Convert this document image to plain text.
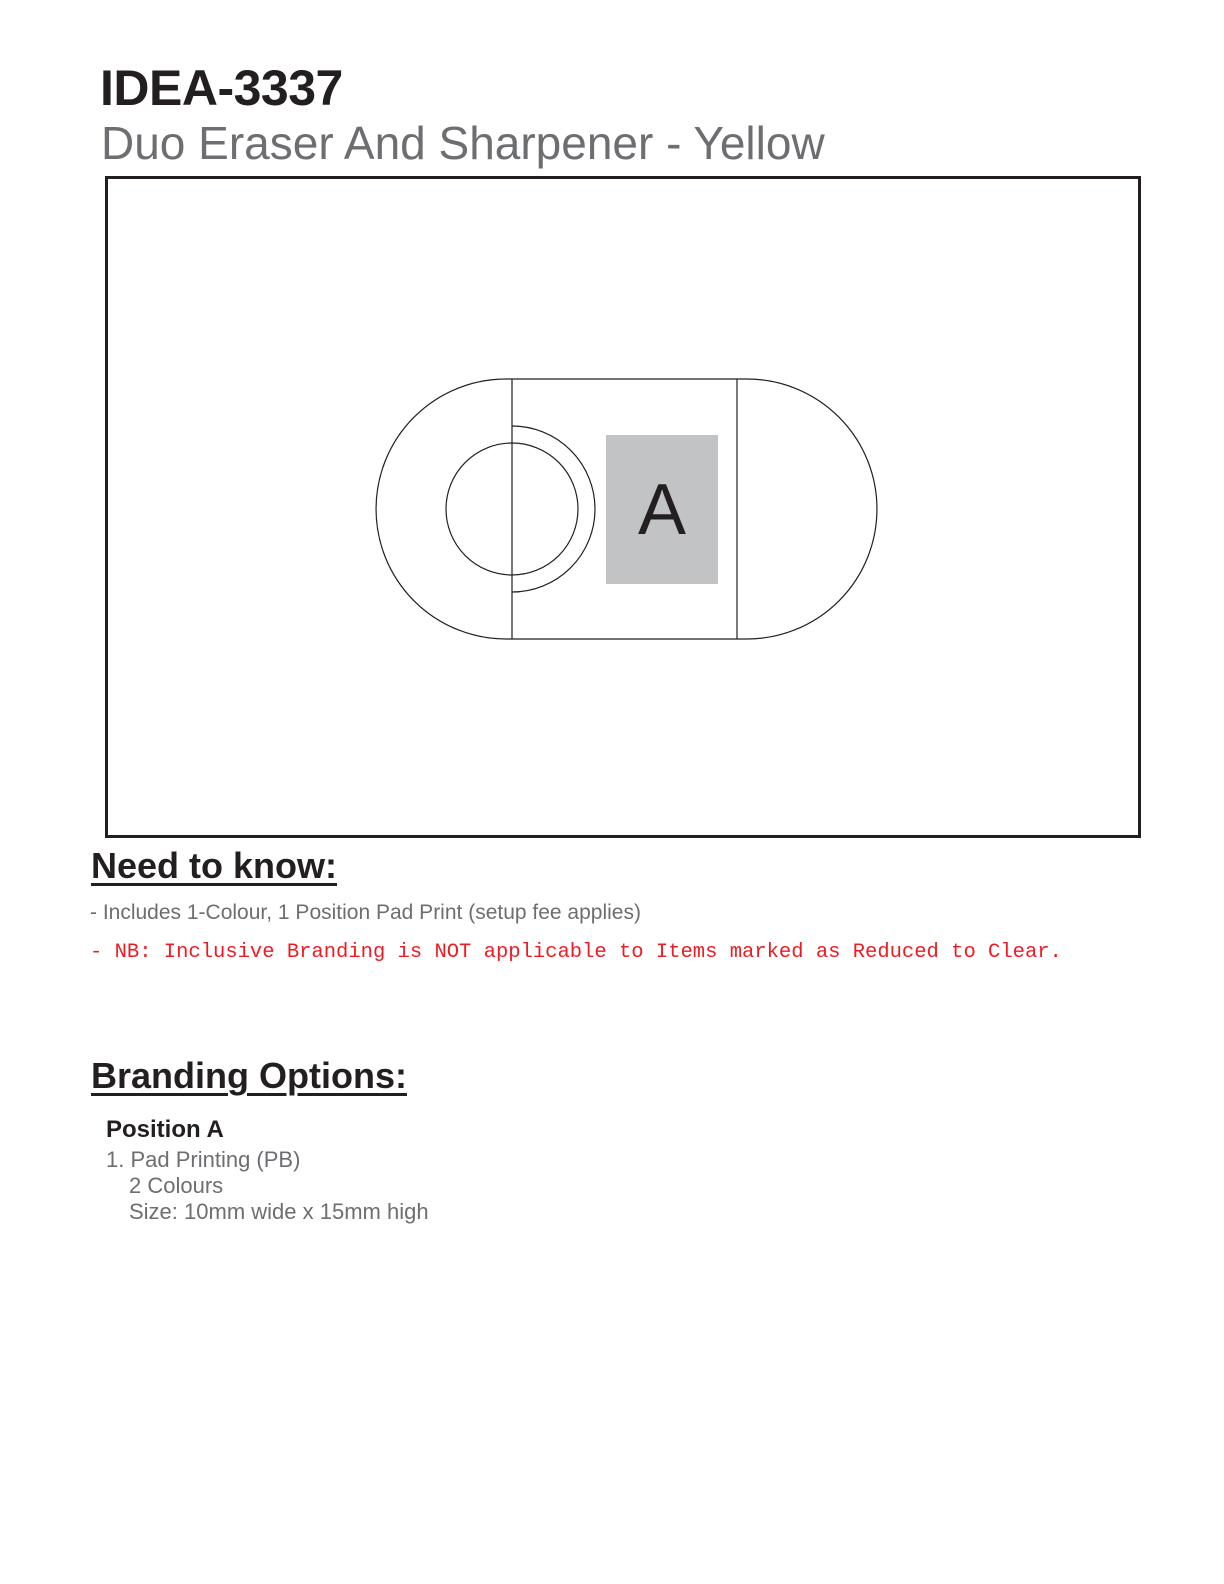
IDEA-3337
Duo Eraser And Sharpener - Yellow
A
Need to know:

- Includes 1-Colour, 1 Position Pad Print (setup fee applies)

- NB: Inclusive Branding is NOT applicable to Items marked as Reduced to Clear.

Branding Options:

Position A

1. Pad Printing (PB)
2 Colours
Size: 10mm wide x 15mm high
